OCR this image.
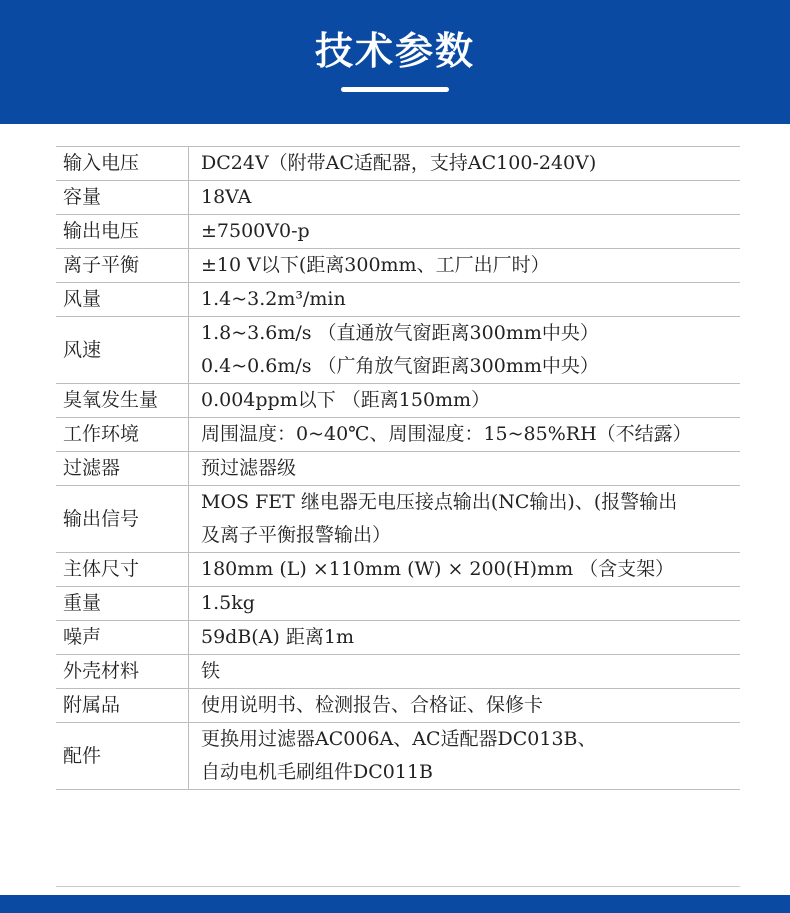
技术参数
输入电压	DC24V（附带AC适配器，支持AC100-240V)

容量	18VA

输出电压	±7500V0-p

离子平衡	±10 V以下(距离300mm、工厂出厂时）

风量	1.4~3.2m³/min

风速	1.8~3.6m/s （直通放气窗距离300mm中央）
0.4~0.6m/s （广角放气窗距离300mm中央）

臭氧发生量	0.004ppm以下 （距离150mm）

工作环境	周围温度：0~40℃、周围湿度：15~85%RH（不结露）

过滤器	预过滤器级

输出信号	MOS FET 继电器无电压接点输出(NC输出)、(报警输出
及离子平衡报警输出）

主体尺寸	180mm (L) ×110mm (W) × 200(H)mm （含支架）

重量	1.5kg

噪声	59dB(A) 距离1m

外壳材料	铁

附属品	使用说明书、检测报告、合格证、保修卡

配件	更换用过滤器AC006A、AC适配器DC013B、
自动电机毛刷组件DC011B
